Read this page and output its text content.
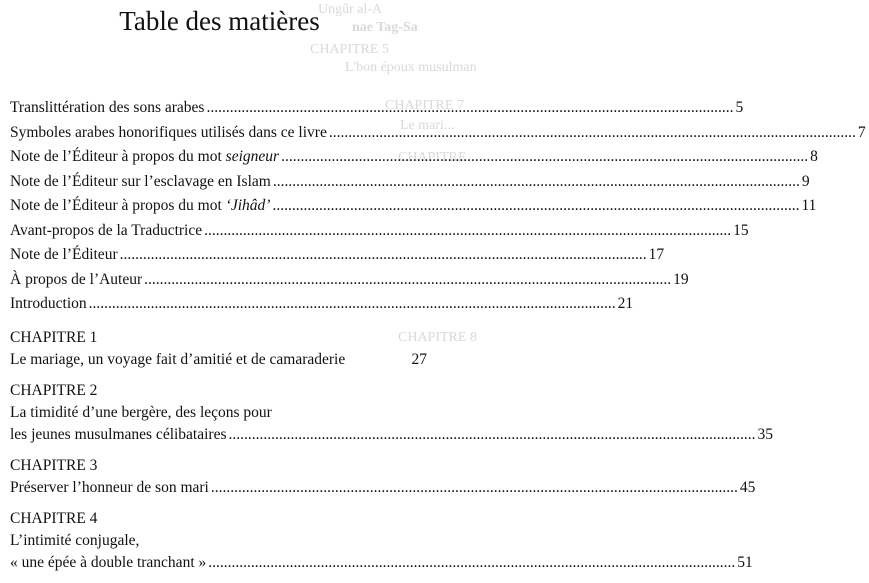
Ungûr al-A
nae Tag-Sa
CHAPITRE 5
L'bon époux musulman
CHAPITRE 7
Le mari...
CHAPITRE
CHAPITRE 8
Table des matières
Translittération des sons arabes .....	5
Symboles arabes honorifiques utilisés dans ce livre .....	7
Note de l’Éditeur à propos du mot seigneur .....	8
Note de l’Éditeur sur l’esclavage en Islam .....	9
Note de l’Éditeur à propos du mot ‘Jihâd’ .....	11
Avant-propos de la Traductrice .....	15
Note de l’Éditeur .....	17
À propos de l’Auteur .....	19
Introduction .....	21
CHAPITRE 1
Le mariage, un voyage fait d’amitié et de camaraderie	27
CHAPITRE 2
La timidité d’une bergère, des leçons pour
les jeunes musulmanes célibataires .....	35
CHAPITRE 3
Préserver l’honneur de son mari .....	45
CHAPITRE 4
L’intimité conjugale,
« une épée à double tranchant » .....	51
